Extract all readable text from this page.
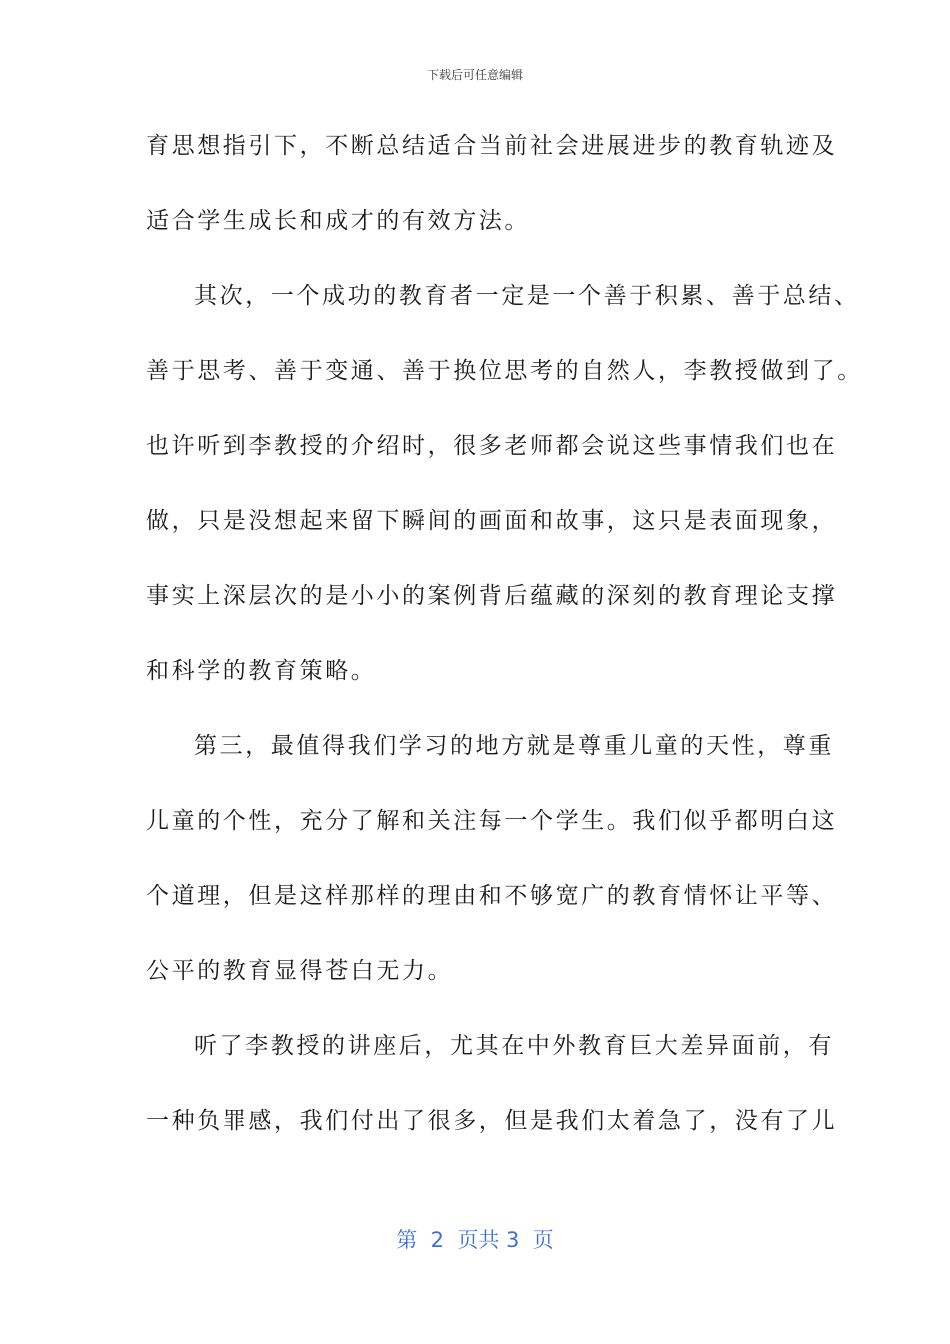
下载后可任意编辑
育思想指引下，不断总结适合当前社会进展进步的教育轨迹及
适合学生成长和成才的有效方法。
其次，一个成功的教育者一定是一个善于积累、善于总结、
善于思考、善于变通、善于换位思考的自然人，李教授做到了。
也许听到李教授的介绍时，很多老师都会说这些事情我们也在
做，只是没想起来留下瞬间的画面和故事，这只是表面现象，
事实上深层次的是小小的案例背后蕴藏的深刻的教育理论支撑
和科学的教育策略。
第三，最值得我们学习的地方就是尊重儿童的天性，尊重
儿童的个性，充分了解和关注每一个学生。我们似乎都明白这
个道理，但是这样那样的理由和不够宽广的教育情怀让平等、
公平的教育显得苍白无力。
听了李教授的讲座后，尤其在中外教育巨大差异面前，有
一种负罪感，我们付出了很多，但是我们太着急了，没有了儿
第  2  页共 3  页
